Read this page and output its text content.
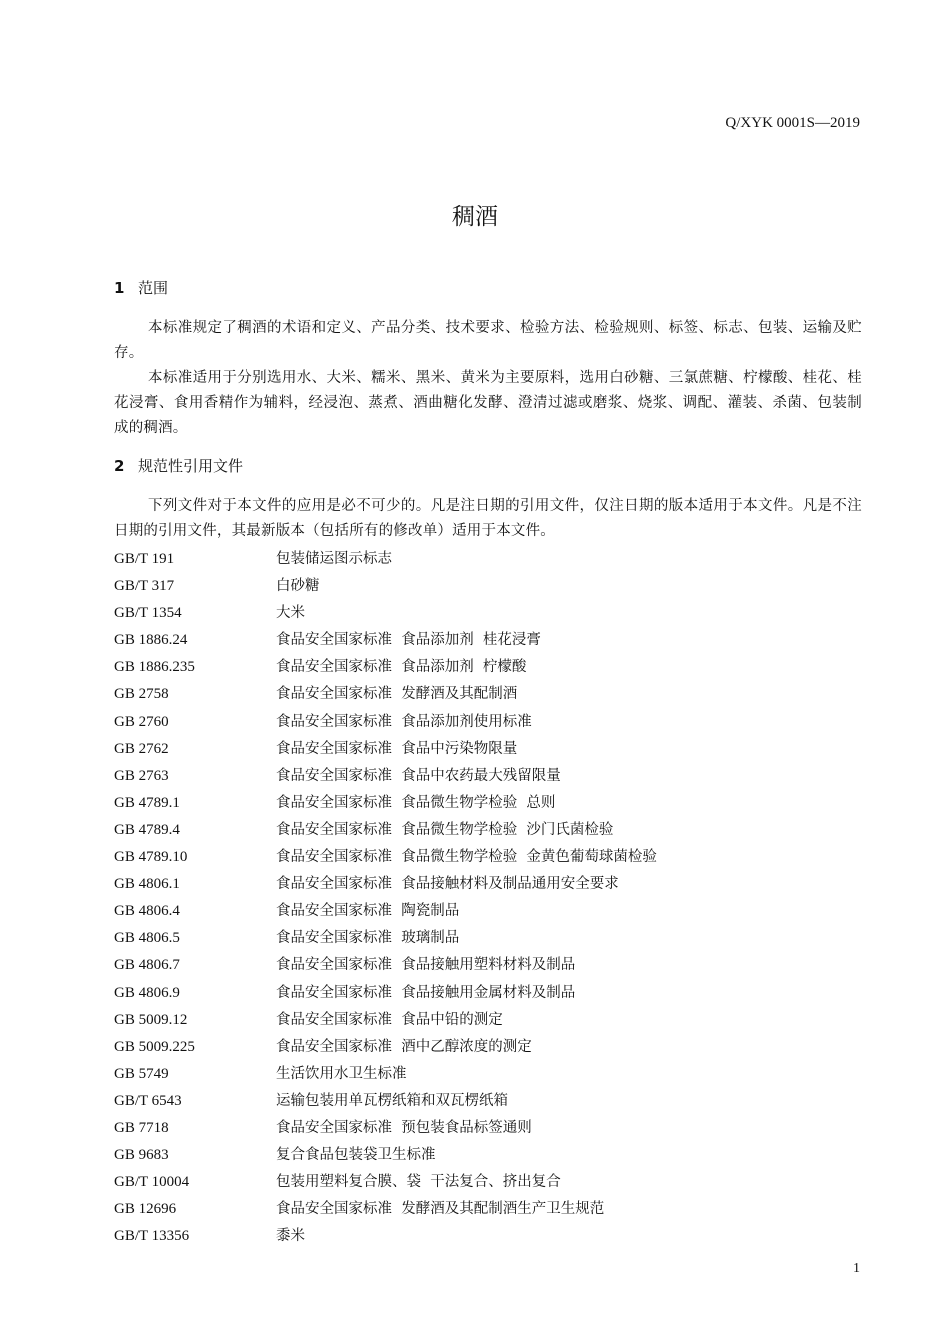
Q/XYK 0001S—2019
稠酒
1 范围

本标准规定了稠酒的术语和定义、产品分类、技术要求、检验方法、检验规则、标签、标志、包装、运输及贮存。

本标准适用于分别选用水、大米、糯米、黑米、黄米为主要原料，选用白砂糖、三氯蔗糖、柠檬酸、桂花、桂花浸膏、食用香精作为辅料，经浸泡、蒸煮、酒曲糖化发酵、澄清过滤或磨浆、烧浆、调配、灌装、杀菌、包装制成的稠酒。

2 规范性引用文件

下列文件对于本文件的应用是必不可少的。凡是注日期的引用文件，仅注日期的版本适用于本文件。凡是不注日期的引用文件，其最新版本（包括所有的修改单）适用于本文件。

GB/T 191	包装储运图示标志
GB/T 317	白砂糖
GB/T 1354	大米
GB 1886.24	食品安全国家标准  食品添加剂  桂花浸膏
GB 1886.235	食品安全国家标准  食品添加剂  柠檬酸
GB 2758	食品安全国家标准  发酵酒及其配制酒
GB 2760	食品安全国家标准  食品添加剂使用标准
GB 2762	食品安全国家标准  食品中污染物限量
GB 2763	食品安全国家标准  食品中农药最大残留限量
GB 4789.1	食品安全国家标准  食品微生物学检验  总则
GB 4789.4	食品安全国家标准  食品微生物学检验  沙门氏菌检验
GB 4789.10	食品安全国家标准  食品微生物学检验  金黄色葡萄球菌检验
GB 4806.1	食品安全国家标准  食品接触材料及制品通用安全要求
GB 4806.4	食品安全国家标准  陶瓷制品
GB 4806.5	食品安全国家标准  玻璃制品
GB 4806.7	食品安全国家标准  食品接触用塑料材料及制品
GB 4806.9	食品安全国家标准  食品接触用金属材料及制品
GB 5009.12	食品安全国家标准  食品中铅的测定
GB 5009.225	食品安全国家标准  酒中乙醇浓度的测定
GB 5749	生活饮用水卫生标准
GB/T 6543	运输包装用单瓦楞纸箱和双瓦楞纸箱
GB 7718	食品安全国家标准  预包装食品标签通则
GB 9683	复合食品包装袋卫生标准
GB/T 10004	包装用塑料复合膜、袋  干法复合、挤出复合
GB 12696	食品安全国家标准  发酵酒及其配制酒生产卫生规范
GB/T 13356	黍米
1
